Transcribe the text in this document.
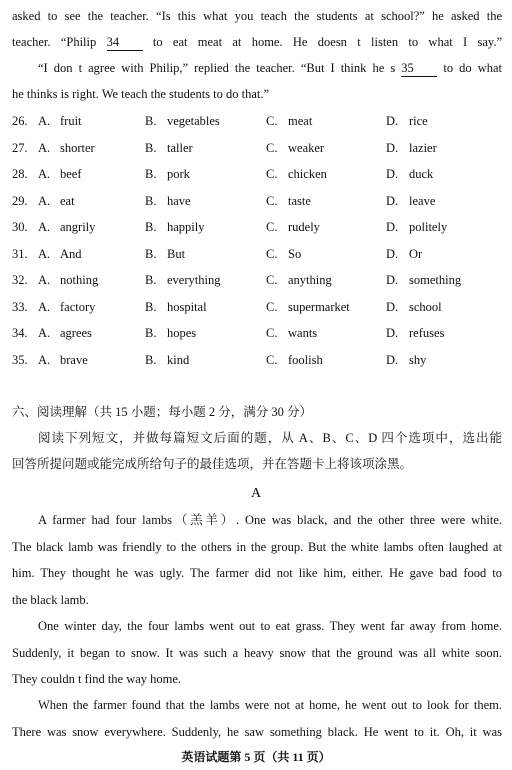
asked to see the teacher. “Is this what you teach the students at school?” he asked the
teacher. “Philip 34	to eat meat at home. He doesn t listen to what I say.”
“I don t agree with Philip,” replied the teacher. “But I think he s 35 to do what
he thinks is right. We teach the students to do that.”
26. A. fruit	B. vegetables	C. meat	D. rice
27. A. shorter	B. taller	C. weaker	D. lazier
28. A. beef	B. pork	C. chicken	D. duck
29. A. eat	B. have	C. taste	D. leave
30. A. angrily	B. happily	C. rudely	D. politely
31. A. And	B. But	C. So	D. Or
32. A. nothing	B. everything	C. anything	D. something
33. A. factory	B. hospital	C. supermarket	D. school
34. A. agrees	B. hopes	C. wants	D. refuses
35. A. brave	B. kind	C. foolish	D. shy
六、阅读理解（共 15 小题；每小题 2 分，满分 30 分）
阅读下列短文，并做每篇短文后面的题，从 A、B、C、D 四个选项中，选出能
回答所提问题或能完成所给句子的最佳选项，并在答题卡上将该项涂黑。
A
A farmer had four lambs（羔羊）. One was black, and the other three were white.
The black lamb was friendly to the others in the group. But the white lambs often laughed at
him. They thought he was ugly. The farmer did not like him, either. He gave bad food to
the black lamb.
One winter day, the four lambs went out to eat grass. They went far away from home.
Suddenly, it began to snow. It was such a heavy snow that the ground was all white soon.
They couldn t find the way home.
When the farmer found that the lambs were not at home, he went out to look for them.
There was snow everywhere. Suddenly, he saw something black. He went to it. Oh, it was
英语试题第 5 页（共 11 页）
